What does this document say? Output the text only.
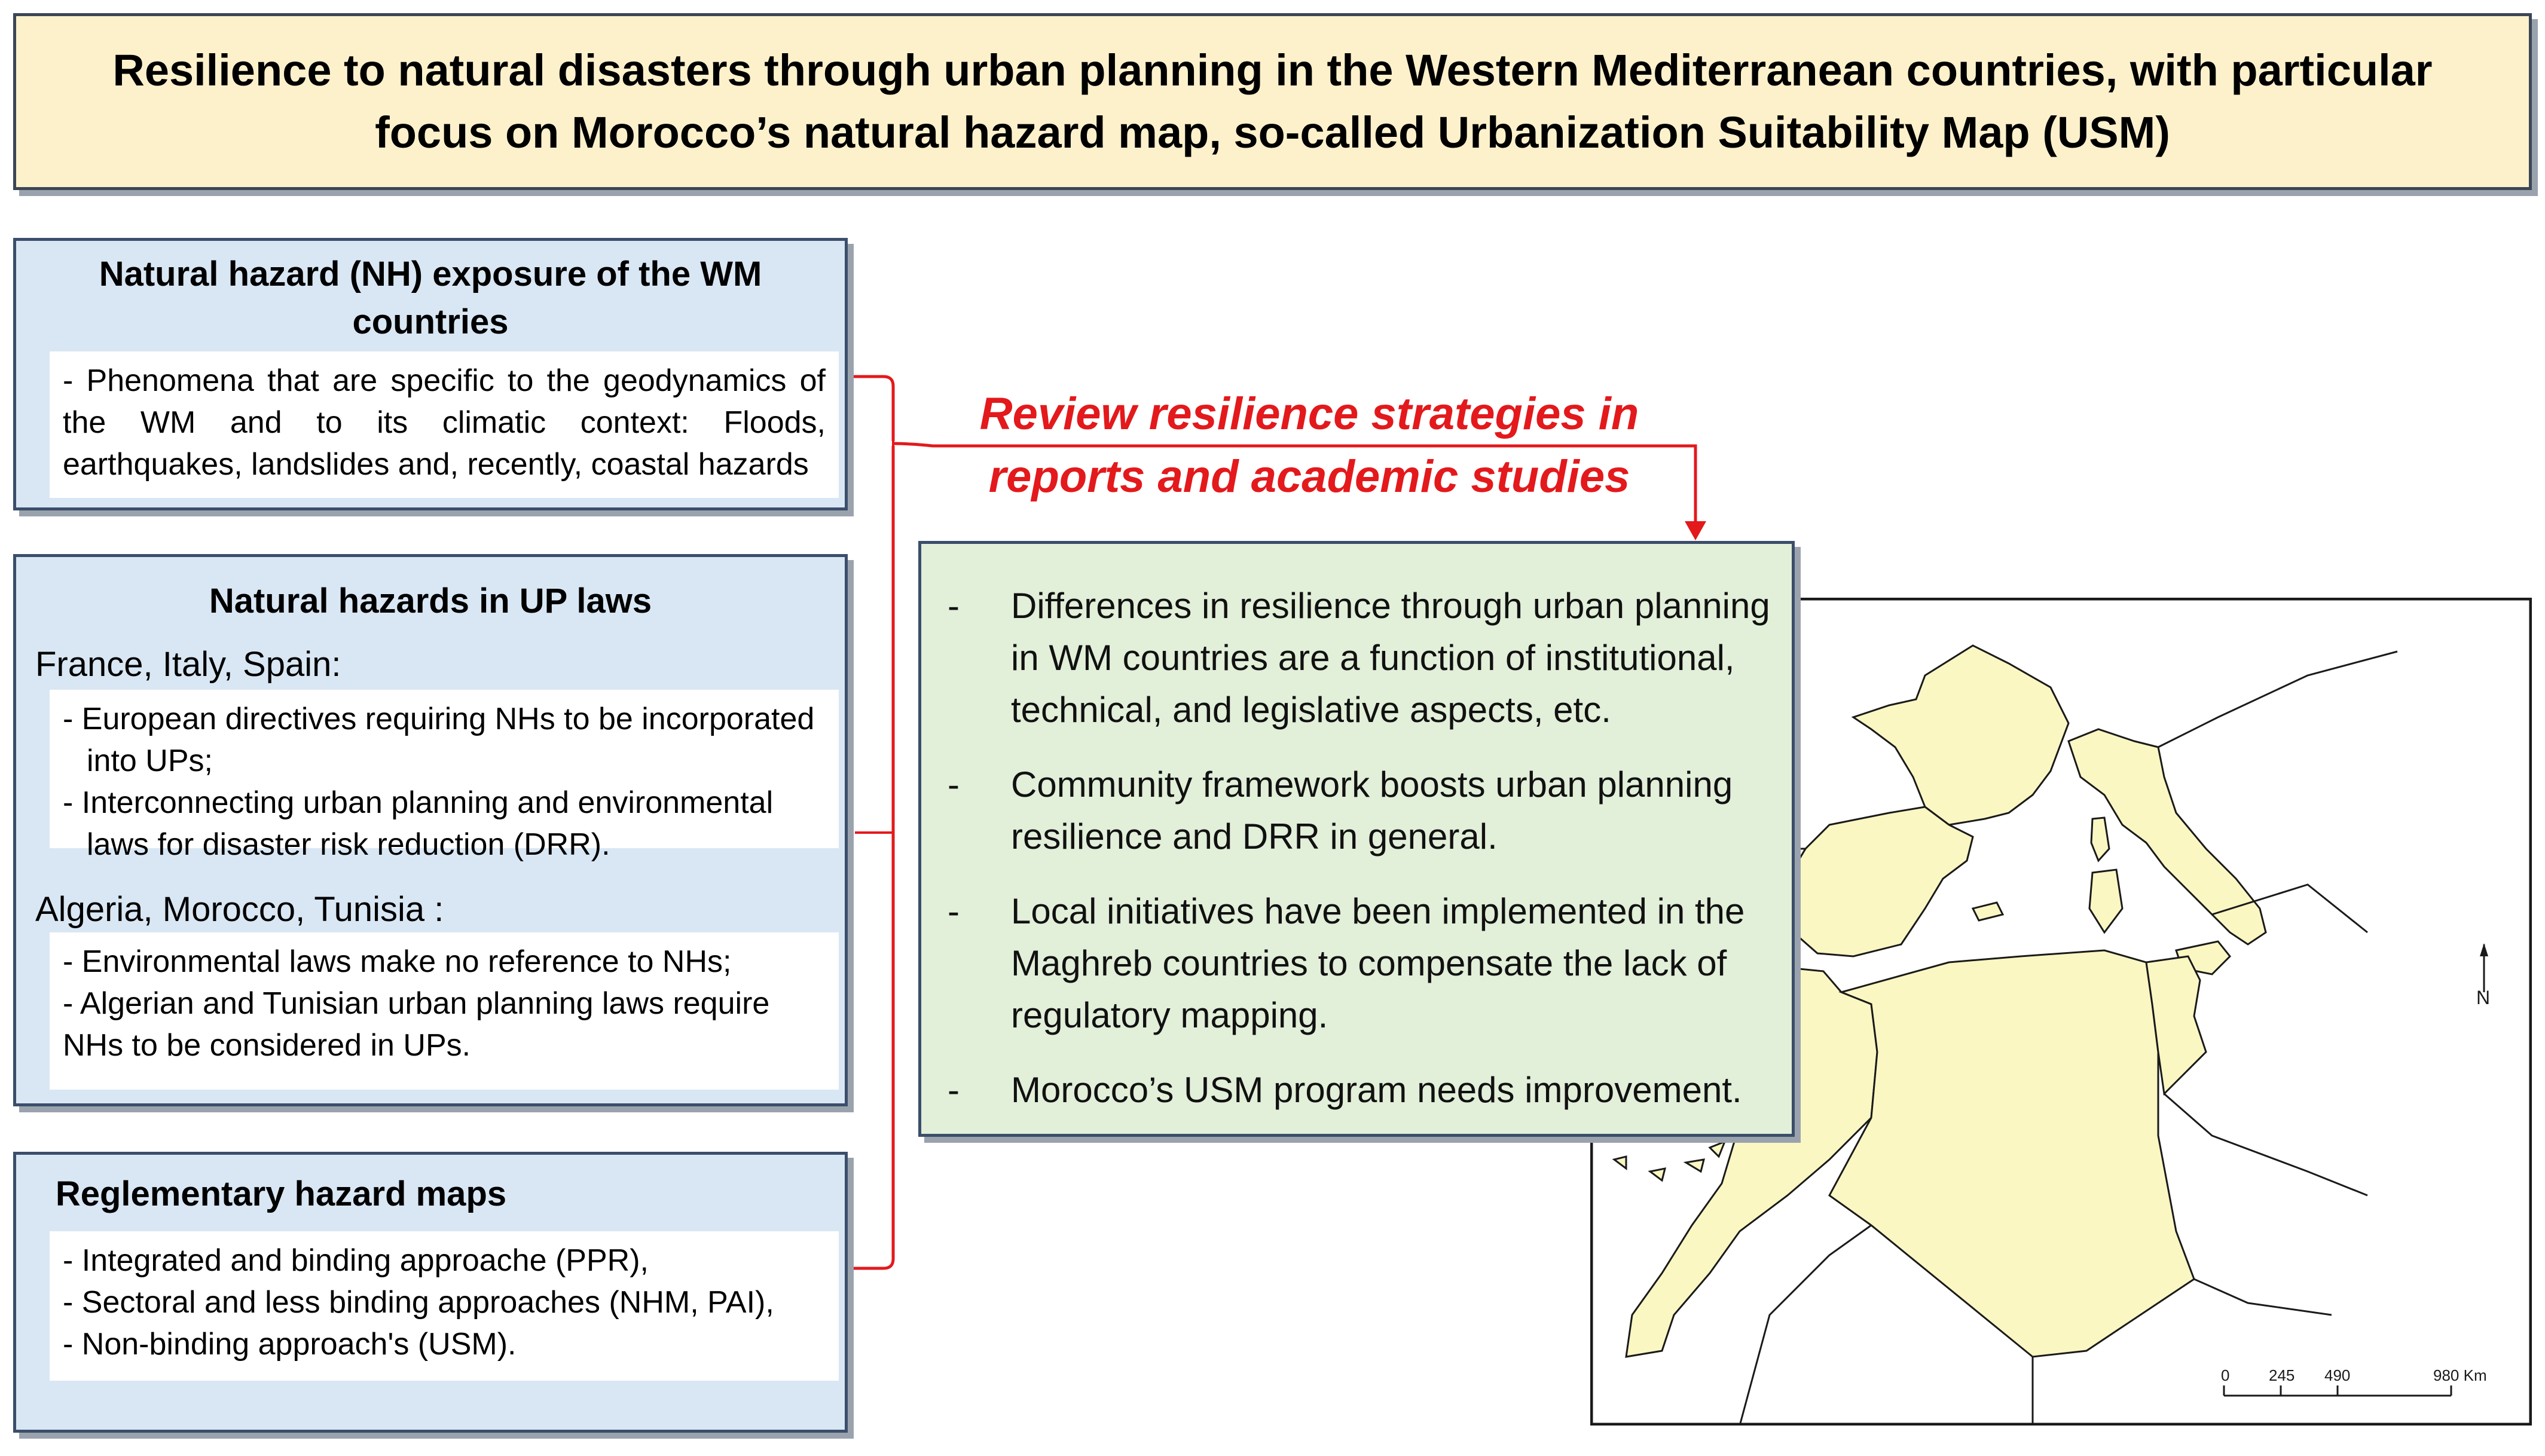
Resilience to natural disasters through urban planning in the Western Mediterranean countries, with particular focus on Morocco’s natural hazard map, so-called Urbanization Suitability Map (USM)
Natural hazard (NH) exposure of the WM countries
- Phenomena that are specific to the geodynamics of the WM and to its climatic context: Floods, earthquakes, landslides and, recently, coastal hazards
Natural hazards in UP laws
France, Italy, Spain:
- European directives requiring NHs to be incorporated into UPs;
- Interconnecting urban planning and environmental laws for disaster risk reduction (DRR).
Algeria, Morocco, Tunisia :
- Environmental laws make no reference to NHs;
- Algerian and Tunisian urban planning laws require NHs to be considered in UPs.
Reglementary hazard maps
- Integrated and binding approache (PPR),
- Sectoral and less binding approaches (NHM, PAI),
- Non-binding approach's (USM).
Review resilience strategies in reports and academic studies
N
0	245 490	980 Km
- Differences in resilience through urban planning in WM countries are a function of institutional, technical, and legislative aspects, etc.
- Community framework boosts urban planning resilience and DRR in general.
- Local initiatives have been implemented in the Maghreb countries to compensate the lack of regulatory mapping.
- Morocco’s USM program needs improvement.
